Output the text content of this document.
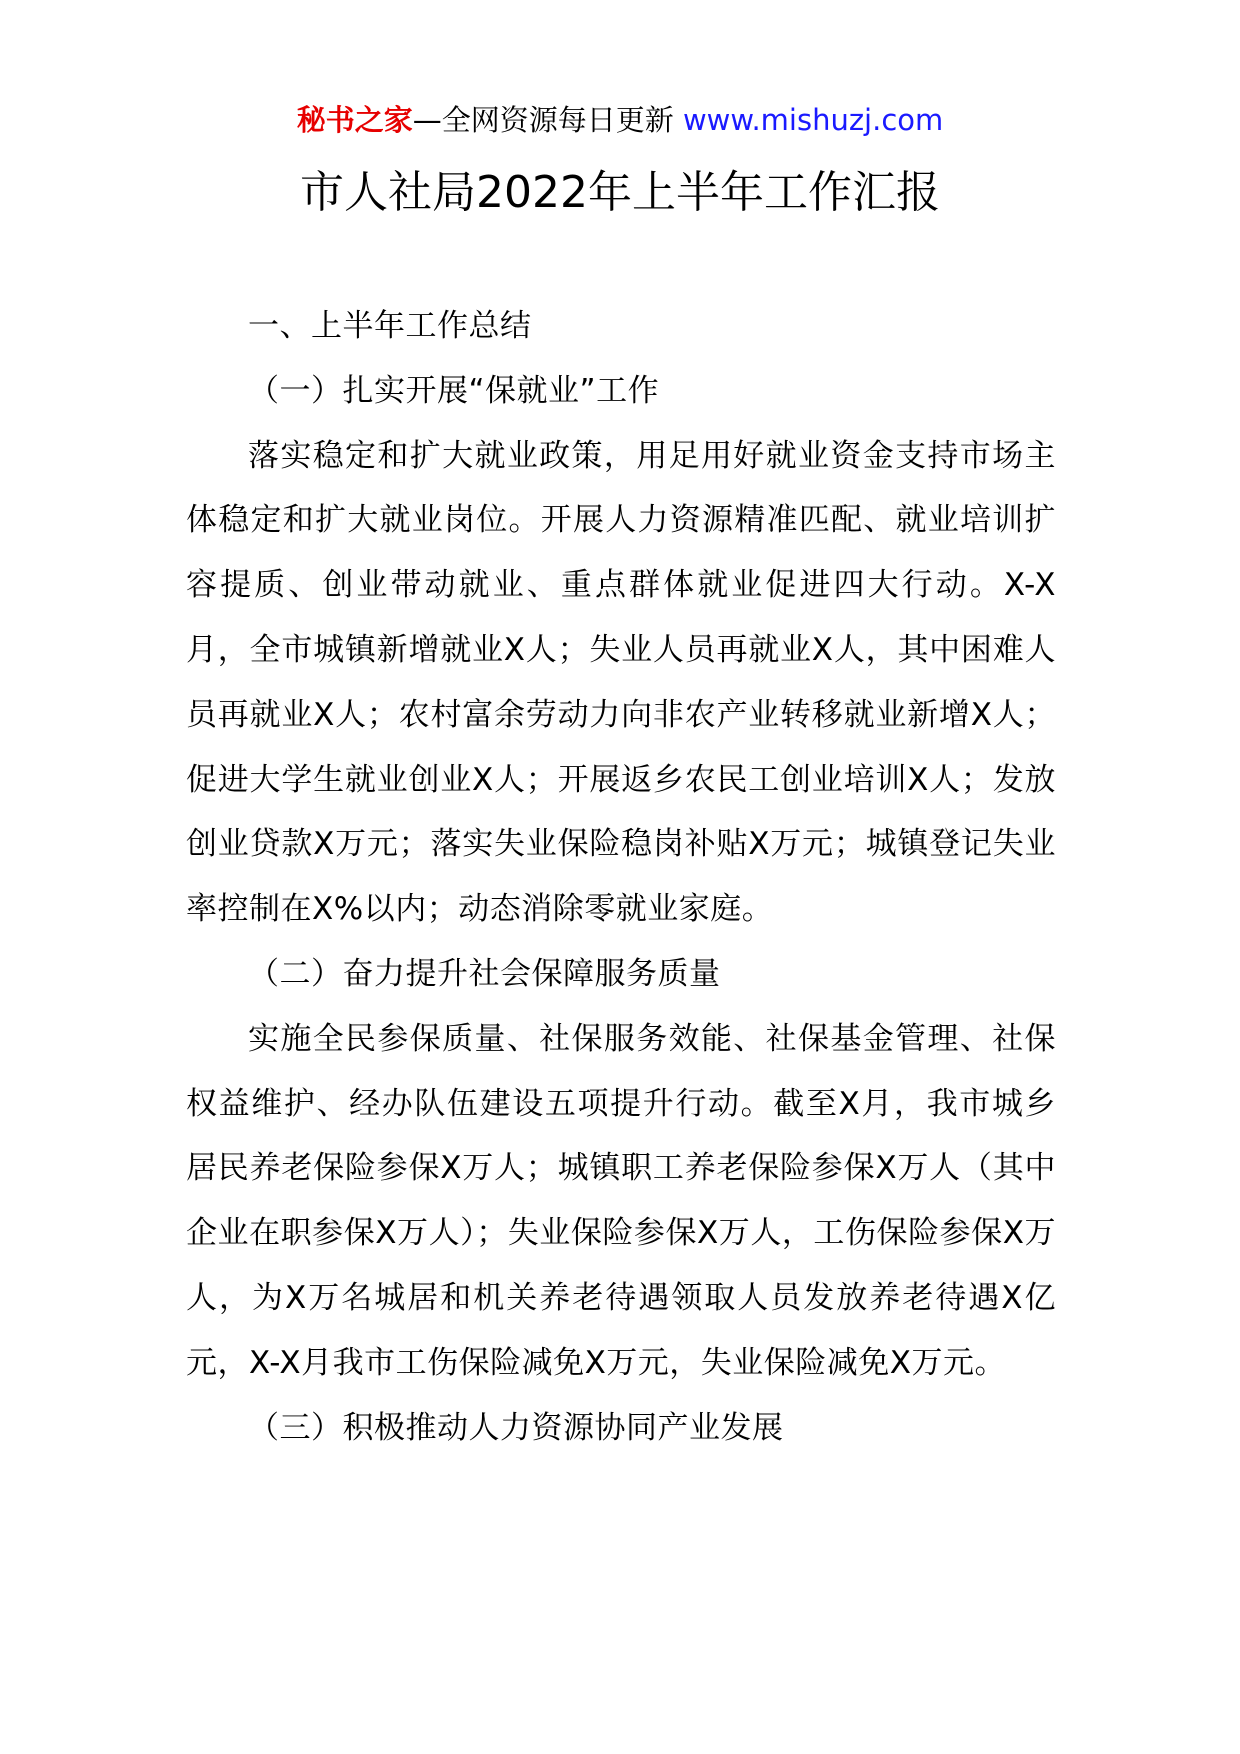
秘书之家—全网资源每日更新 www.mishuzj.com
市人社局2022年上半年工作汇报

一、上半年工作总结

（一）扎实开展“保就业”工作

落实稳定和扩大就业政策，用足用好就业资金支持市场主体稳定和扩大就业岗位。开展人力资源精准匹配、就业培训扩容提质、创业带动就业、重点群体就业促进四大行动。X-X月，全市城镇新增就业X人；失业人员再就业X人，其中困难人员再就业X人；农村富余劳动力向非农产业转移就业新增X人；促进大学生就业创业X人；开展返乡农民工创业培训X人；发放创业贷款X万元；落实失业保险稳岗补贴X万元；城镇登记失业率控制在X%以内；动态消除零就业家庭。

（二）奋力提升社会保障服务质量

实施全民参保质量、社保服务效能、社保基金管理、社保权益维护、经办队伍建设五项提升行动。截至X月，我市城乡居民养老保险参保X万人；城镇职工养老保险参保X万人（其中企业在职参保X万人）；失业保险参保X万人，工伤保险参保X万人，为X万名城居和机关养老待遇领取人员发放养老待遇X亿元，X-X月我市工伤保险减免X万元，失业保险减免X万元。

（三）积极推动人力资源协同产业发展
